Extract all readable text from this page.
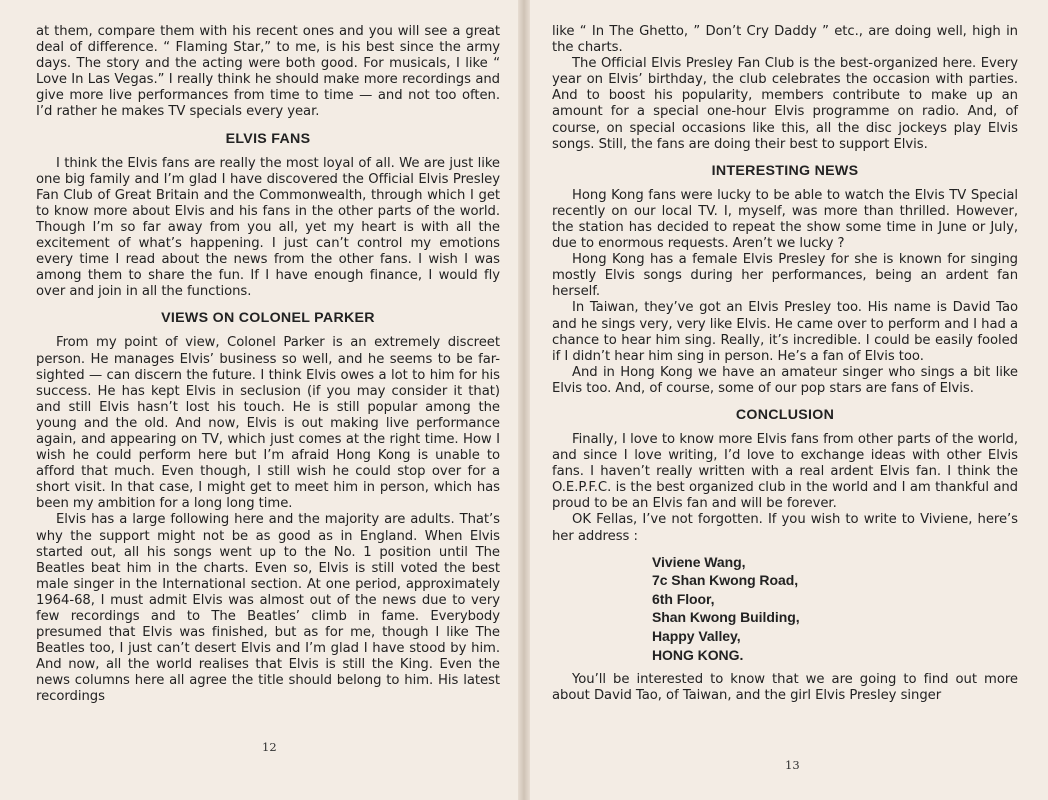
at them, compare them with his recent ones and you will see a great deal of difference. “ Flaming Star,” to me, is his best since the army days. The story and the acting were both good. For musicals, I like “ Love In Las Vegas.” I really think he should make more recordings and give more live performances from time to time — and not too often. I’d rather he makes TV specials every year.

ELVIS FANS

I think the Elvis fans are really the most loyal of all. We are just like one big family and I’m glad I have discovered the Official Elvis Presley Fan Club of Great Britain and the Commonwealth, through which I get to know more about Elvis and his fans in the other parts of the world. Though I’m so far away from you all, yet my heart is with all the excitement of what’s happening. I just can’t control my emotions every time I read about the news from the other fans. I wish I was among them to share the fun. If I have enough finance, I would fly over and join in all the functions.

VIEWS ON COLONEL PARKER

From my point of view, Colonel Parker is an extremely discreet person. He manages Elvis’ business so well, and he seems to be far-sighted — can discern the future. I think Elvis owes a lot to him for his success. He has kept Elvis in seclusion (if you may consider it that) and still Elvis hasn’t lost his touch. He is still popular among the young and the old. And now, Elvis is out making live performance again, and appearing on TV, which just comes at the right time. How I wish he could perform here but I’m afraid Hong Kong is unable to afford that much. Even though, I still wish he could stop over for a short visit. In that case, I might get to meet him in person, which has been my ambition for a long long time.

Elvis has a large following here and the majority are adults. That’s why the support might not be as good as in England. When Elvis started out, all his songs went up to the No. 1 position until The Beatles beat him in the charts. Even so, Elvis is still voted the best male singer in the International section. At one period, approximately 1964-68, I must admit Elvis was almost out of the news due to very few recordings and to The Beatles’ climb in fame. Everybody presumed that Elvis was finished, but as for me, though I like The Beatles too, I just can’t desert Elvis and I’m glad I have stood by him. And now, all the world realises that Elvis is still the King. Even the news columns here all agree the title should belong to him. His latest recordings

12

like “ In The Ghetto, ” Don’t Cry Daddy ” etc., are doing well, high in the charts.

The Official Elvis Presley Fan Club is the best-organized here. Every year on Elvis’ birthday, the club celebrates the occasion with parties. And to boost his popularity, members contribute to make up an amount for a special one-hour Elvis programme on radio. And, of course, on special occasions like this, all the disc jockeys play Elvis songs. Still, the fans are doing their best to support Elvis.

INTERESTING NEWS

Hong Kong fans were lucky to be able to watch the Elvis TV Special recently on our local TV. I, myself, was more than thrilled. However, the station has decided to repeat the show some time in June or July, due to enormous requests. Aren’t we lucky ?

Hong Kong has a female Elvis Presley for she is known for singing mostly Elvis songs during her performances, being an ardent fan herself.

In Taiwan, they’ve got an Elvis Presley too. His name is David Tao and he sings very, very like Elvis. He came over to perform and I had a chance to hear him sing. Really, it’s incredible. I could be easily fooled if I didn’t hear him sing in person. He’s a fan of Elvis too.

And in Hong Kong we have an amateur singer who sings a bit like Elvis too. And, of course, some of our pop stars are fans of Elvis.

CONCLUSION

Finally, I love to know more Elvis fans from other parts of the world, and since I love writing, I’d love to exchange ideas with other Elvis fans. I haven’t really written with a real ardent Elvis fan. I think the O.E.P.F.C. is the best organized club in the world and I am thankful and proud to be an Elvis fan and will be forever.

OK Fellas, I’ve not forgotten. If you wish to write to Viviene, here’s her address :

Viviene Wang,
7c Shan Kwong Road,
6th Floor,
Shan Kwong Building,
Happy Valley,
HONG KONG.

You’ll be interested to know that we are going to find out more about David Tao, of Taiwan, and the girl Elvis Presley singer

13
